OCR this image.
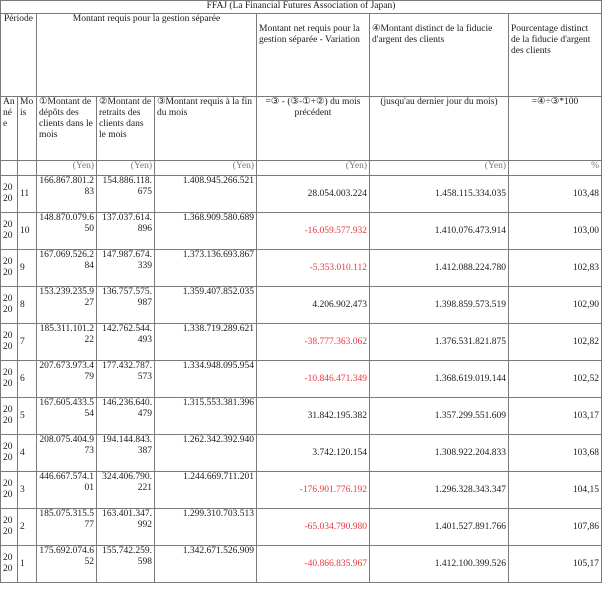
FFAJ (La Financial Futures Association of Japan)							
Période		Montant requis pour la gestion séparée			Montant net requis pour la gestion séparée - Variation	④Montant distinct de la fiducie d'argent des clients	Pourcentage distinct de la fiducie d'argent des clients
Année	Mois	①Montant de dépôts des clients dans le mois	②Montant de retraits des clients dans le mois	③Montant requis à la fin du mois	=③ - (③-①+②) du mois précédent	(jusqu'au dernier jour du mois)	=④÷③*100
		(Yen)	(Yen)	(Yen)	(Yen)	(Yen)	%
2020	11	166.867.801.283	154.886.118.675	1.408.945.266.521	28.054.003.224	1.458.115.334.035	103,48
2020	10	148.870.079.650	137.037.614.896	1.368.909.580.689	-16.059.577.932	1.410.076.473.914	103,00
2020	9	167.069.526.284	147.987.674.339	1.373.136.693.867	-5.353.010.112	1.412.088.224.780	102,83
2020	8	153.239.235.927	136.757.575.987	1.359.407.852.035	4.206.902.473	1.398.859.573.519	102,90
2020	7	185.311.101.222	142.762.544.493	1.338.719.289.621	-38.777.363.062	1.376.531.821.875	102,82
2020	6	207.673.973.479	177.432.787.573	1.334.948.095.954	-10.846.471.349	1.368.619.019.144	102,52
2020	5	167.605.433.554	146.236.640.479	1.315.553.381.396	31.842.195.382	1.357.299.551.609	103,17
2020	4	208.075.404.973	194.144.843.387	1.262.342.392.940	3.742.120.154	1.308.922.204.833	103,68
2020	3	446.667.574.101	324.406.790.221	1.244.669.711.201	-176.901.776.192	1.296.328.343.347	104,15
2020	2	185.075.315.577	163.401.347.992	1.299.310.703.513	-65.034.790.980	1.401.527.891.766	107,86
2020	1	175.692.074.652	155.742.259.598	1.342.671.526.909	-40.866.835.967	1.412.100.399.526	105,17
